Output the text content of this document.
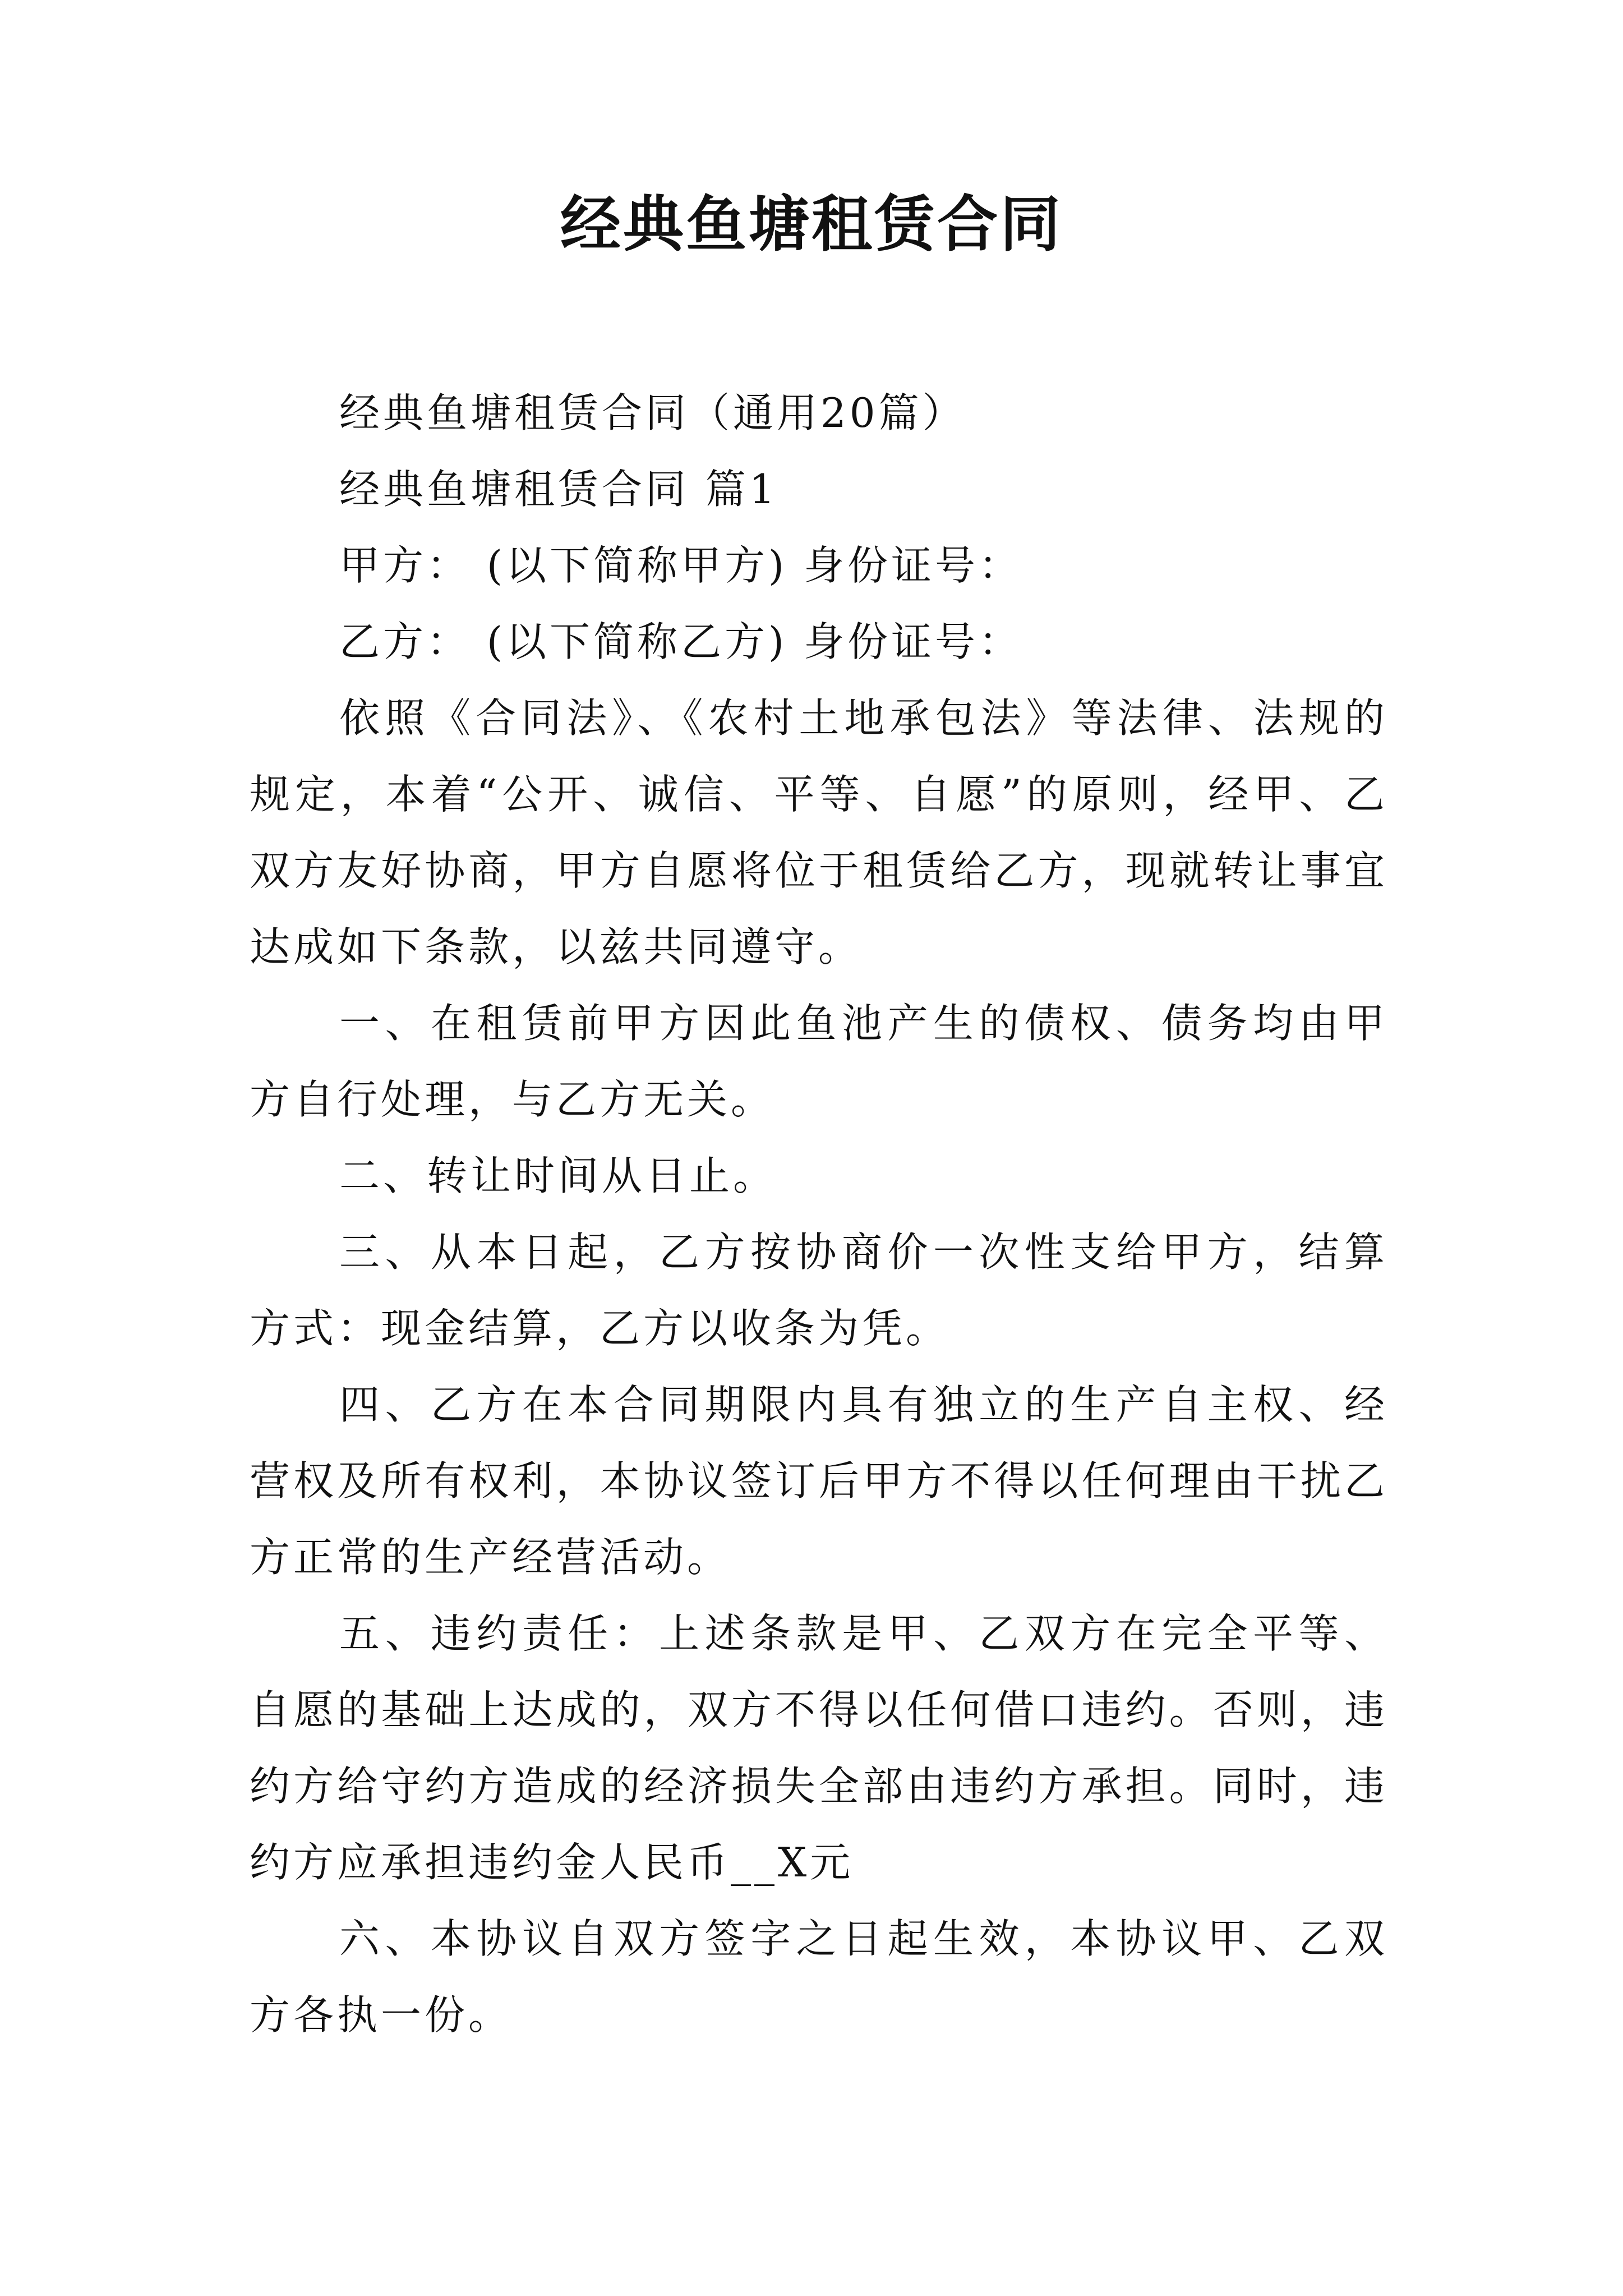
经典鱼塘租赁合同

经典鱼塘租赁合同（通用20篇）

经典鱼塘租赁合同 篇1

甲方： (以下简称甲方) 身份证号：

乙方： (以下简称乙方) 身份证号：

依照《合同法》、《农村土地承包法》等法律、法规的规定，本着“公开、诚信、平等、自愿”的原则，经甲、乙双方友好协商，甲方自愿将位于租赁给乙方，现就转让事宜达成如下条款，以兹共同遵守。

一、在租赁前甲方因此鱼池产生的债权、债务均由甲方自行处理，与乙方无关。

二、转让时间从日止。

三、从本日起，乙方按协商价一次性支给甲方，结算方式：现金结算，乙方以收条为凭。

四、乙方在本合同期限内具有独立的生产自主权、经营权及所有权利，本协议签订后甲方不得以任何理由干扰乙方正常的生产经营活动。

五、违约责任：上述条款是甲、乙双方在完全平等、自愿的基础上达成的，双方不得以任何借口违约。否则，违约方给守约方造成的经济损失全部由违约方承担。同时，违约方应承担违约金人民币__X元

六、本协议自双方签字之日起生效，本协议甲、乙双方各执一份。
